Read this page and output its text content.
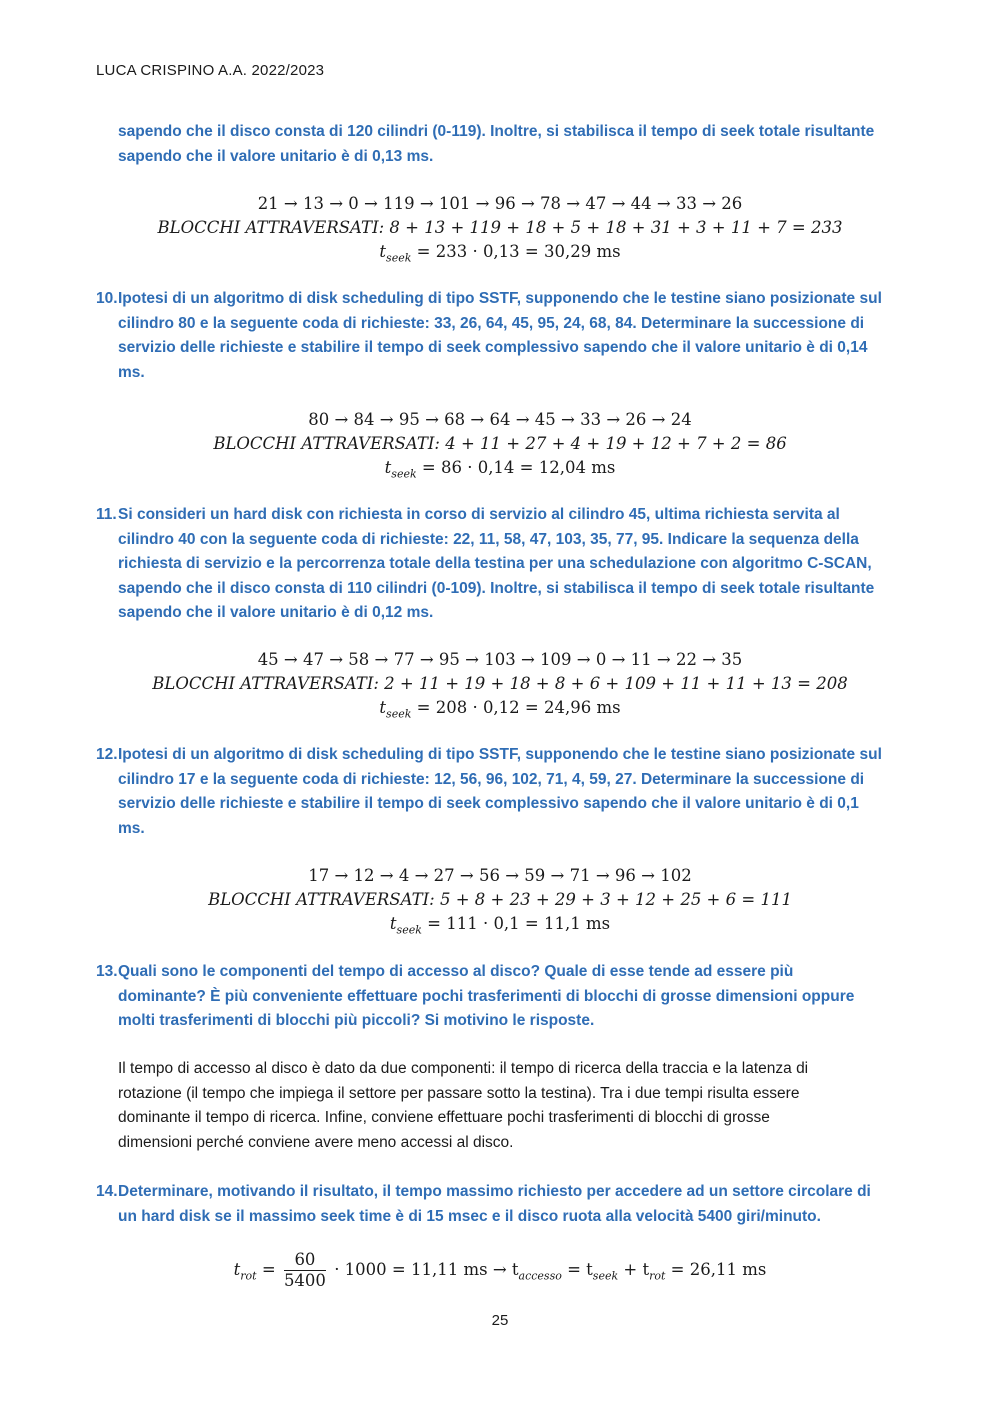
LUCA CRISPINO A.A. 2022/2023
sapendo che il disco consta di 120 cilindri (0-119). Inoltre, si stabilisca il tempo di seek totale risultante
sapendo che il valore unitario è di 0,13 ms.
21 → 13 → 0 → 119 → 101 → 96 → 78 → 47 → 44 → 33 → 26
BLOCCHI ATTRAVERSATI: 8 + 13 + 119 + 18 + 5 + 18 + 31 + 3 + 11 + 7 = 233
$t_{seek} = 233 \cdot 0,13 = 30,29$ ms
10.Ipotesi di un algoritmo di disk scheduling di tipo SSTF, supponendo che le testine siano posizionate sul
cilindro 80 e la seguente coda di richieste: 33, 26, 64, 45, 95, 24, 68, 84. Determinare la successione di
servizio delle richieste e stabilire il tempo di seek complessivo sapendo che il valore unitario è di 0,14
ms.
80 → 84 → 95 → 68 → 64 → 45 → 33 → 26 → 24
BLOCCHI ATTRAVERSATI: 4 + 11 + 27 + 4 + 19 + 12 + 7 + 2 = 86
$t_{seek} = 86 \cdot 0,14 = 12,04$ ms
11.Si consideri un hard disk con richiesta in corso di servizio al cilindro 45, ultima richiesta servita al
cilindro 40 con la seguente coda di richieste: 22, 11, 58, 47, 103, 35, 77, 95. Indicare la sequenza della
richiesta di servizio e la percorrenza totale della testina per una schedulazione con algoritmo C-SCAN,
sapendo che il disco consta di 110 cilindri (0-109). Inoltre, si stabilisca il tempo di seek totale risultante
sapendo che il valore unitario è di 0,12 ms.
45 → 47 → 58 → 77 → 95 → 103 → 109 → 0 → 11 → 22 → 35
BLOCCHI ATTRAVERSATI: 2 + 11 + 19 + 18 + 8 + 6 + 109 + 11 + 11 + 13 = 208
$t_{seek} = 208 \cdot 0,12 = 24,96$ ms
12.Ipotesi di un algoritmo di disk scheduling di tipo SSTF, supponendo che le testine siano posizionate sul
cilindro 17 e la seguente coda di richieste: 12, 56, 96, 102, 71, 4, 59, 27. Determinare la successione di
servizio delle richieste e stabilire il tempo di seek complessivo sapendo che il valore unitario è di 0,1
ms.
17 → 12 → 4 → 27 → 56 → 59 → 71 → 96 → 102
BLOCCHI ATTRAVERSATI: 5 + 8 + 23 + 29 + 3 + 12 + 25 + 6 = 111
$t_{seek} = 111 \cdot 0,1 = 11,1$ ms
13.Quali sono le componenti del tempo di accesso al disco? Quale di esse tende ad essere più
dominante? È più conveniente effettuare pochi trasferimenti di blocchi di grosse dimensioni oppure
molti trasferimenti di blocchi più piccoli? Si motivino le risposte.
Il tempo di accesso al disco è dato da due componenti: il tempo di ricerca della traccia e la latenza di
rotazione (il tempo che impiega il settore per passare sotto la testina). Tra i due tempi risulta essere
dominante il tempo di ricerca. Infine, conviene effettuare pochi trasferimenti di blocchi di grosse
dimensioni perché conviene avere meno accessi al disco.
14.Determinare, motivando il risultato, il tempo massimo richiesto per accedere ad un settore circolare di
un hard disk se il massimo seek time è di 15 msec e il disco ruota alla velocità 5400 giri/minuto.
$t_{rot} = \frac{60}{5400} \cdot 1000 = 11,11$ ms → $t_{accesso} = t_{seek} + t_{rot} = 26,11$ ms
25
